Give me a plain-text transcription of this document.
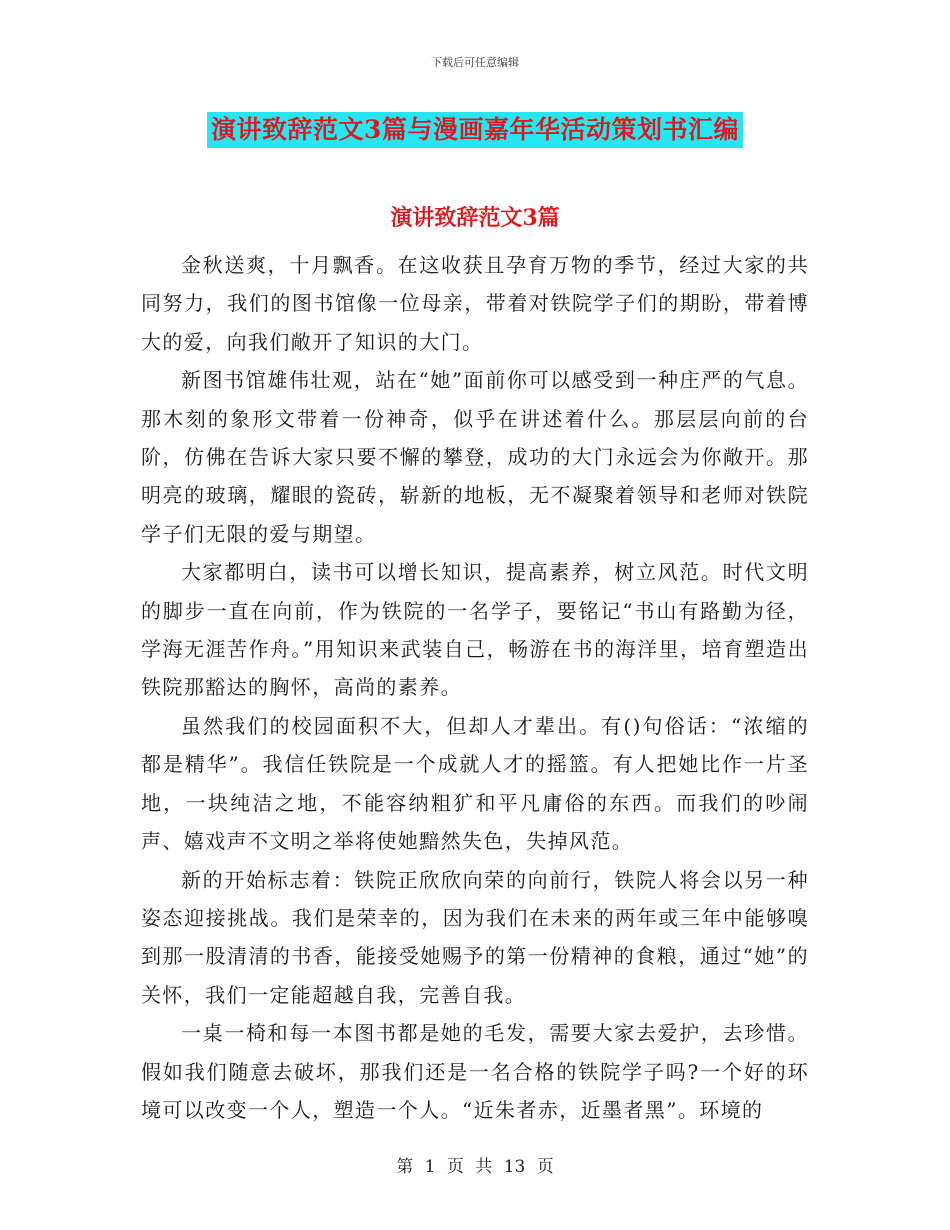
下载后可任意编辑
演讲致辞范文3篇与漫画嘉年华活动策划书汇编
演讲致辞范文3篇

金秋送爽，十月飘香。在这收获且孕育万物的季节，经过大家的共同努力，我们的图书馆像一位母亲，带着对铁院学子们的期盼，带着博大的爱，向我们敞开了知识的大门。

新图书馆雄伟壮观，站在“她”面前你可以感受到一种庄严的气息。那木刻的象形文带着一份神奇，似乎在讲述着什么。那层层向前的台阶，仿佛在告诉大家只要不懈的攀登，成功的大门永远会为你敞开。那明亮的玻璃，耀眼的瓷砖，崭新的地板，无不凝聚着领导和老师对铁院学子们无限的爱与期望。

大家都明白，读书可以增长知识，提高素养，树立风范。时代文明的脚步一直在向前，作为铁院的一名学子，要铭记“书山有路勤为径，学海无涯苦作舟。”用知识来武装自己，畅游在书的海洋里，培育塑造出铁院那豁达的胸怀，高尚的素养。

虽然我们的校园面积不大，但却人才辈出。有()句俗话：“浓缩的都是精华”。我信任铁院是一个成就人才的摇篮。有人把她比作一片圣地，一块纯洁之地，不能容纳粗犷和平凡庸俗的东西。而我们的吵闹声、嬉戏声不文明之举将使她黯然失色，失掉风范。

新的开始标志着：铁院正欣欣向荣的向前行，铁院人将会以另一种姿态迎接挑战。我们是荣幸的，因为我们在未来的两年或三年中能够嗅到那一股清清的书香，能接受她赐予的第一份精神的食粮，通过“她”的关怀，我们一定能超越自我，完善自我。

一桌一椅和每一本图书都是她的毛发，需要大家去爱护，去珍惜。假如我们随意去破坏，那我们还是一名合格的铁院学子吗?一个好的环境可以改变一个人，塑造一个人。“近朱者赤，近墨者黑”。环境的

第 1 页 共 13 页
